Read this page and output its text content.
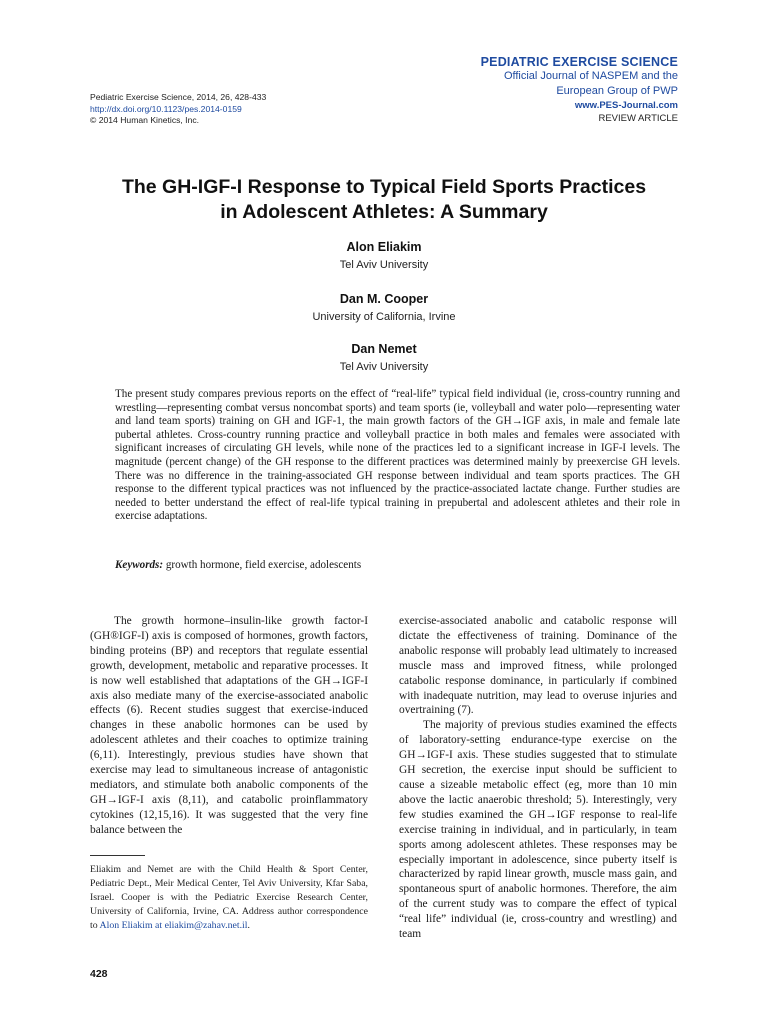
PEDIATRIC EXERCISE SCIENCE
Official Journal of NASPEM and the
European Group of PWP
www.PES-Journal.com
REVIEW ARTICLE
Pediatric Exercise Science, 2014, 26, 428-433
http://dx.doi.org/10.1123/pes.2014-0159
© 2014 Human Kinetics, Inc.
The GH-IGF-I Response to Typical Field Sports Practices
in Adolescent Athletes: A Summary
Alon Eliakim
Tel Aviv University
Dan M. Cooper
University of California, Irvine
Dan Nemet
Tel Aviv University

The present study compares previous reports on the effect of “real-life” typical field individual (ie, cross-country running and wrestling—representing combat versus noncombat sports) and team sports (ie, volleyball and water polo—representing water and land team sports) training on GH and IGF-1, the main growth factors of the GH→IGF axis, in male and female late pubertal athletes. Cross-country running practice and volleyball practice in both males and females were associated with significant increases of circulating GH levels, while none of the practices led to a significant increase in IGF-I levels. The magnitude (percent change) of the GH response to the different practices was determined mainly by preexercise GH levels. There was no difference in the training-associated GH response between individual and team sports practices. The GH response to the different typical practices was not influenced by the practice-associated lactate change. Further studies are needed to better understand the effect of real-life typical training in prepubertal and adolescent athletes and their role in exercise adaptations.

Keywords: growth hormone, field exercise, adolescents

The growth hormone–insulin-like growth factor-I (GH®IGF-I) axis is composed of hormones, growth factors, binding proteins (BP) and receptors that regulate essential growth, development, metabolic and reparative processes. It is now well established that adaptations of the GH→IGF-I axis also mediate many of the exercise-associated anabolic effects (6). Recent studies suggest that exercise-induced changes in these anabolic hormones can be used by adolescent athletes and their coaches to optimize training (6,11). Interestingly, previous studies have shown that exercise may lead to simultaneous increase of antagonistic mediators, and stimulate both anabolic components of the GH→IGF-I axis (8,11), and catabolic proinflammatory cytokines (12,15,16). It was suggested that the very fine balance between the

exercise-associated anabolic and catabolic response will dictate the effectiveness of training. Dominance of the anabolic response will probably lead ultimately to increased muscle mass and improved fitness, while prolonged catabolic response dominance, in particularly if combined with inadequate nutrition, may lead to overuse injuries and overtraining (7).

The majority of previous studies examined the effects of laboratory-setting endurance-type exercise on the GH→IGF-I axis. These studies suggested that to stimulate GH secretion, the exercise input should be sufficient to cause a sizeable metabolic effect (eg, more than 10 min above the lactic anaerobic threshold; 5). Interestingly, very few studies examined the GH→IGF response to real-life exercise training in individual, and in particularly, in team sports among adolescent athletes. These responses may be especially important in adolescence, since puberty itself is characterized by rapid linear growth, muscle mass gain, and spontaneous spurt of anabolic hormones. Therefore, the aim of the current study was to compare the effect of typical “real life” individual (ie, cross-country and wrestling) and team

Eliakim and Nemet are with the Child Health & Sport Center, Pediatric Dept., Meir Medical Center, Tel Aviv University, Kfar Saba, Israel. Cooper is with the Pediatric Exercise Research Center, University of California, Irvine, CA. Address author correspondence to Alon Eliakim at eliakim@zahav.net.il.
428
